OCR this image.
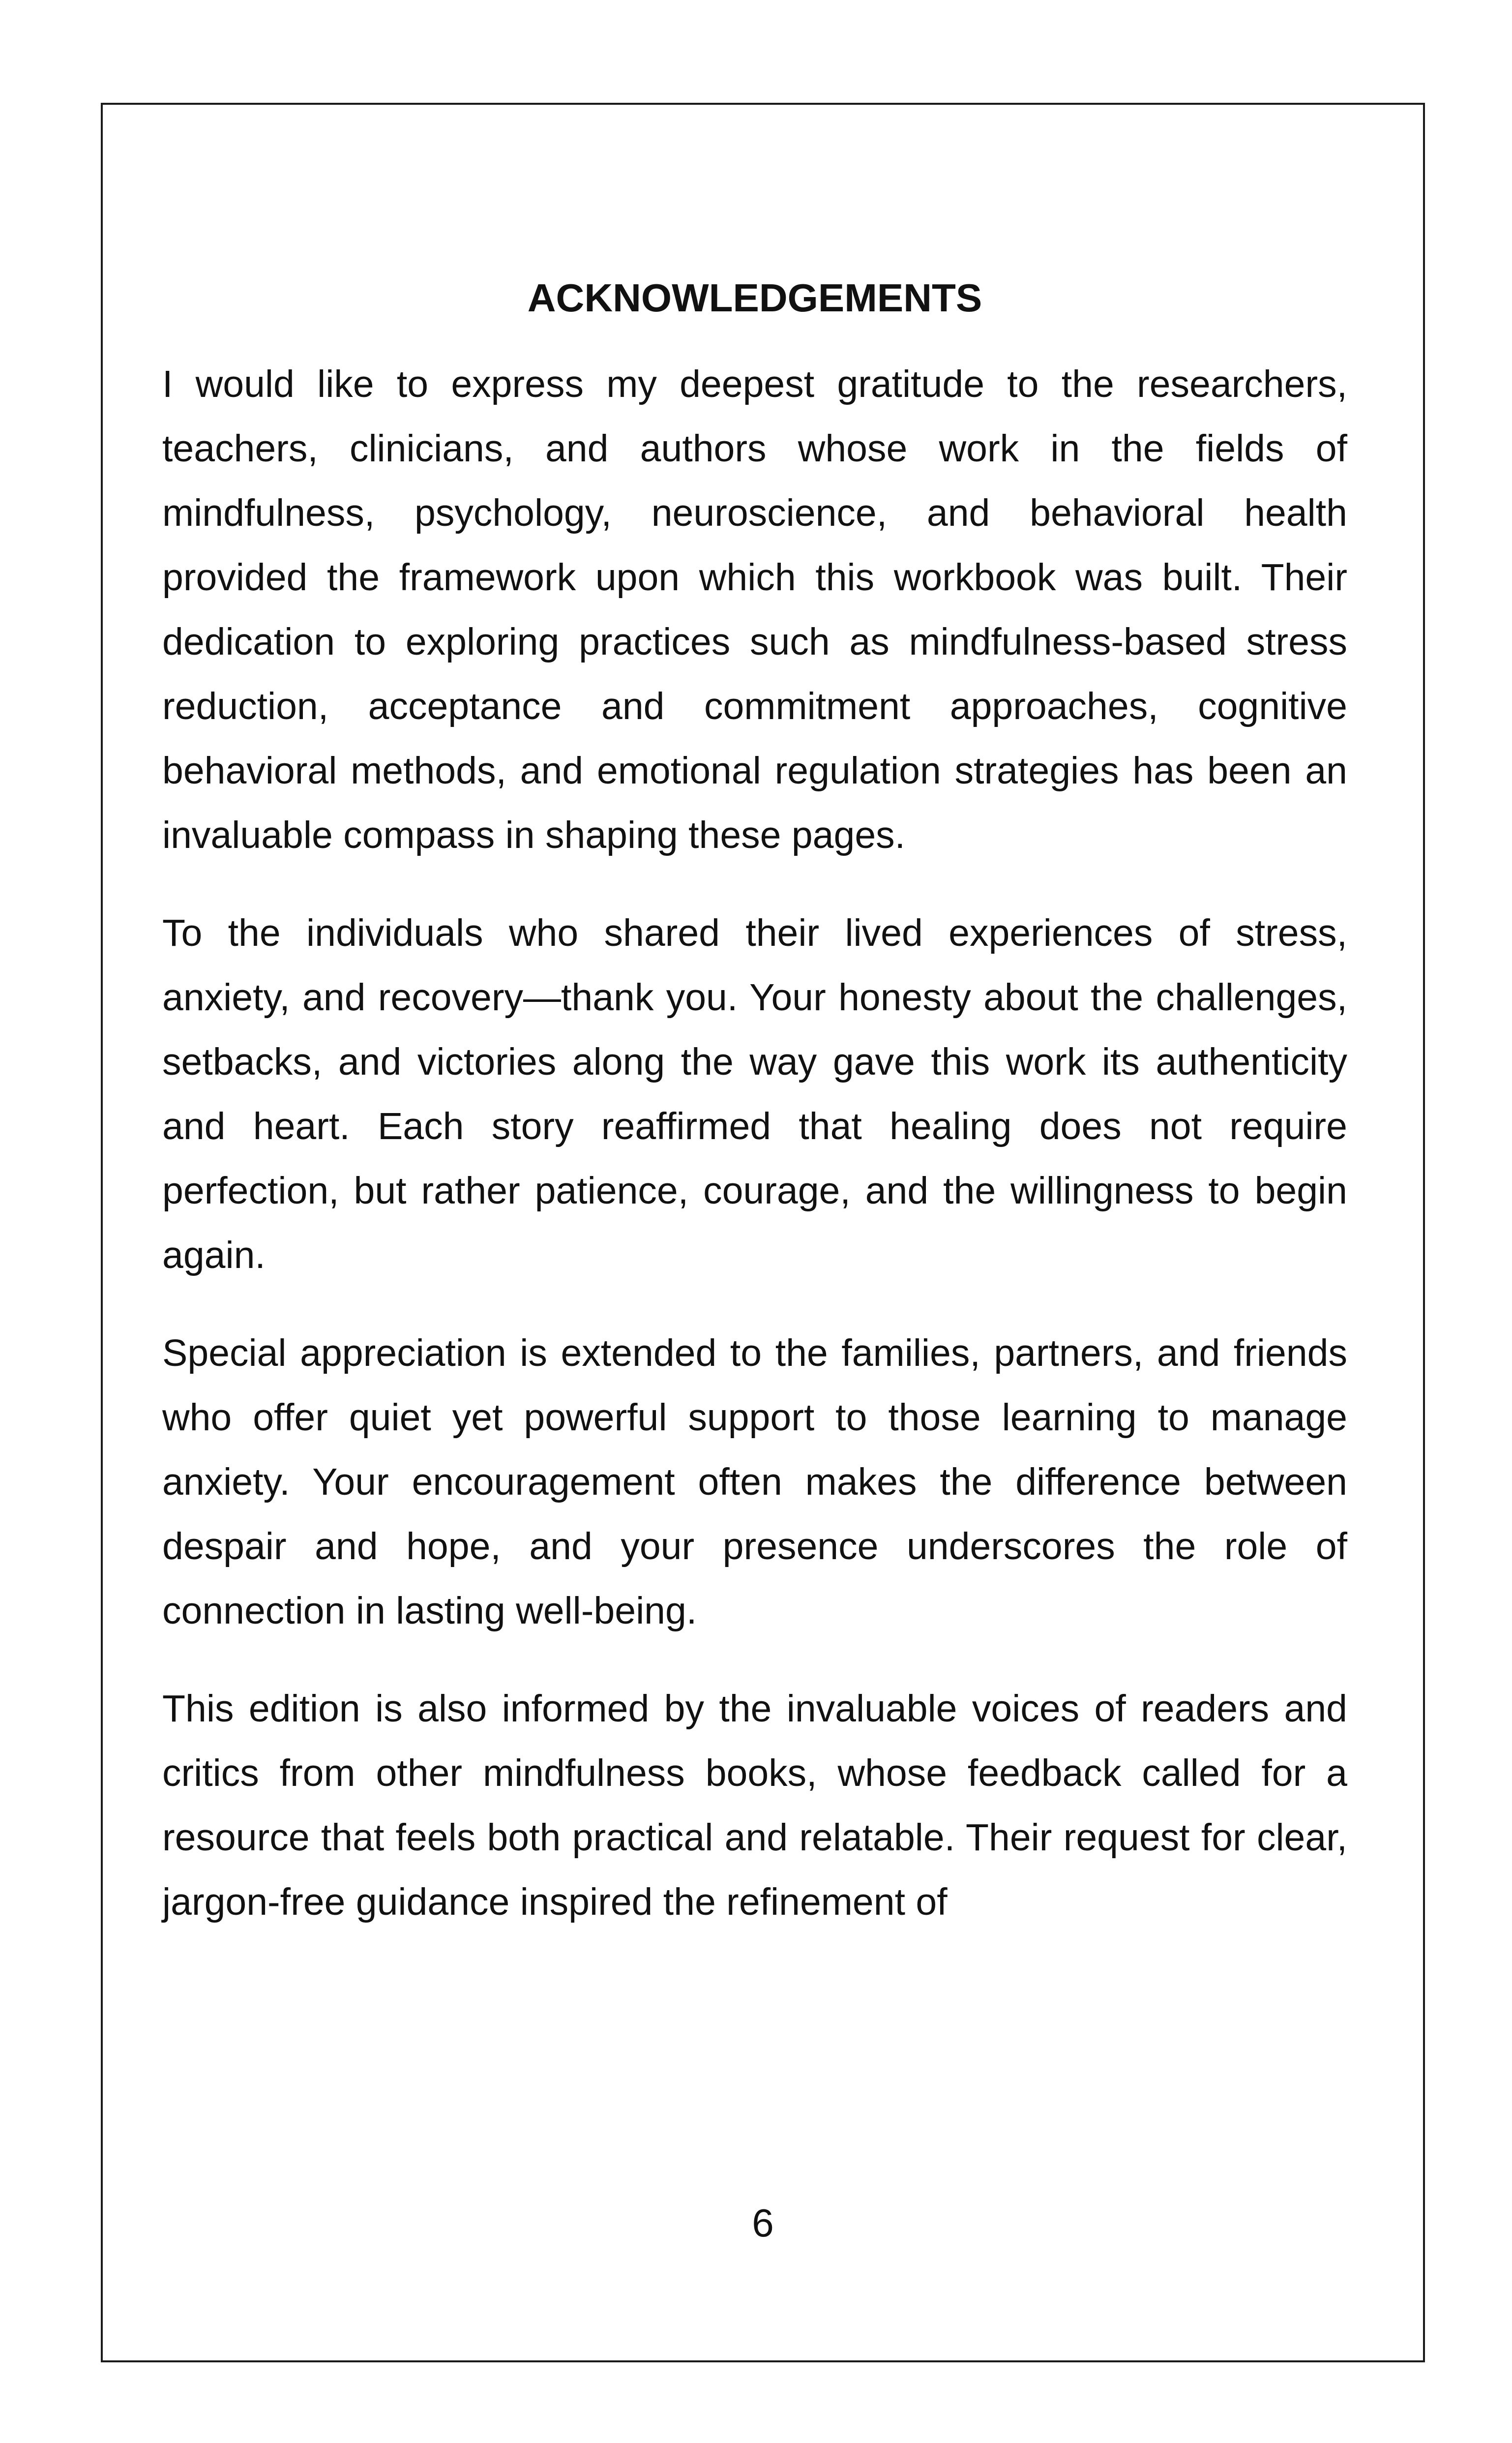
ACKNOWLEDGEMENTS

I would like to express my deepest gratitude to the researchers, teachers, clinicians, and authors whose work in the fields of mindfulness, psychology, neuroscience, and behavioral health provided the framework upon which this workbook was built. Their dedication to exploring practices such as mindfulness-based stress reduction, acceptance and commitment approaches, cognitive behavioral methods, and emotional regulation strategies has been an invaluable compass in shaping these pages.

To the individuals who shared their lived experiences of stress, anxiety, and recovery—thank you. Your honesty about the challenges, setbacks, and victories along the way gave this work its authenticity and heart. Each story reaffirmed that healing does not require perfection, but rather patience, courage, and the willingness to begin again.

Special appreciation is extended to the families, partners, and friends who offer quiet yet powerful support to those learning to manage anxiety. Your encouragement often makes the difference between despair and hope, and your presence underscores the role of connection in lasting well-being.

This edition is also informed by the invaluable voices of readers and critics from other mindfulness books, whose feedback called for a resource that feels both practical and relatable. Their request for clear, jargon-free guidance inspired the refinement of

6
